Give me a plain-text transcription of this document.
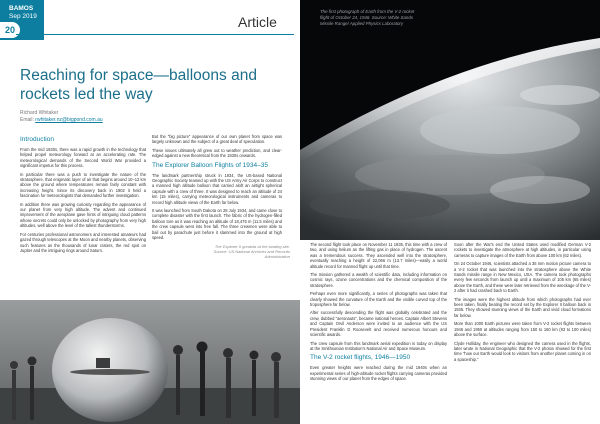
BAMOS
Sep 2019
20	Article
Reaching for space—balloons and rockets led the way
Richard Whitaker
Email: rwhitaker.nz@bigpond.com.au
Introduction

From the mid 1930s, there was a rapid growth in the technology that helped propel meteorology forward at an accelerating rate. The meteorological demands of the Second World War provided a significant impetus for this process.

In particular there was a push to investigate the nature of the stratosphere, that enigmatic layer of air that begins around 10–12 km above the ground where temperatures remain fairly constant with increasing height. Since its discovery back in 1902 it held a fascination for meteorologists that demanded further investigation.

In addition there was growing curiosity regarding the appearance of our planet from very high altitude. The advent and continued improvement of the aeroplane gave hints of intriguing cloud patterns whose secrets could only be unlocked by photography from very high altitudes, well above the level of the tallest thunderstorms.

For centuries professional astronomers and interested amateurs had gazed through telescopes at the Moon and nearby planets, observing such features as the thousands of lunar craters, the red spot on Jupiter and the intriguing rings around Saturn.

But the "big picture" appearance of our own planet from space was largely unknown and the subject of a great deal of speculation.

These issues ultimately all grew out to weather prediction, and clear-edged against a new theoretical from the 1930s onwards.

The Explorer Balloon Flights of 1934–35

The landmark partnership struck in 1934, the US-based National Geographic Society teamed up with the US Army Air Corps to construct a manned high altitude balloon that carried aloft an airtight spherical capsule with a crew of three. It was designed to reach an altitude of 24 km (15 miles), carrying meteorological instruments and cameras to record high altitude views of the Earth far below.

It was launched from South Dakota on 28 July 1934, and came close to complete disaster with the first launch. The fabric of the hydrogen-filled balloon tore as it was reaching an altitude of 18,475 m (11.5 miles) and the crew capsule went into free fall. The three crewmen were able to bail out by parachute just before it slammed into the ground at high speed.

The Explorer II gondola at the landing site. Source: US National Archives and Records Administration
The first photograph of Earth from the V-2 rocket flight of October 24, 1946. Source: White Sands Missile Range/ Applied Physics Laboratory

The second flight took place on November 11 1935, this time with a crew of two, and using helium as the lifting gas in place of hydrogen. The ascent was a tremendous success. They ascended well into the stratosphere, eventually reaching a height of 22,066 m (13.7 miles)—easily a world altitude record for manned flight up until that time.

The mission gathered a wealth of scientific data, including information on cosmic rays, ozone concentrations and the chemical composition of the stratosphere.

Perhaps even more significantly, a series of photographs was taken that clearly showed the curvature of the Earth and the visible curved top of the troposphere far below.

After successfully descending the flight was globally celebrated and the crew, dubbed "aeronauts", became national heroes. Captain Albert Stevens and Captain Orvil Anderson were invited to an audience with the US President Franklin D Roosevelt and received numerous honours and scientific awards.

The crew capsule from this landmark aerial expedition is today on display at the Smithsonian Institution's National Air and Space Museum.

The V-2 rocket flights, 1946—1950

Even greater heights were reached during the mid 1940s when an experimental series of high-altitude rocket flights carrying cameras provided stunning views of our planet from the edges of space.

Soon after the War's end the United States used modified German V-2 rockets to investigate the atmosphere at high altitudes, in particular using cameras to capture images of the Earth from above 100 km (62 miles).

On 24 October 1946, scientists attached a 35 mm motion picture camera to a V-2 rocket that was launched into the stratosphere above the White Sands missile range in New Mexico, USA. The camera took photographs every few seconds from launch up until a maximum of 105 km (65 miles) above the Earth, and these were later retrieved from the wreckage of the V-2 after it had crashed back to Earth.

The images were the highest altitude from which photographs had ever been taken, finally beating the record set by the Explorer II balloon back in 1935. They showed stunning views of the Earth and vivid cloud formations far below.

More than 1000 Earth pictures were taken from V-2 rocket flights between 1946 and 1950 at altitudes ranging from 150 to 160 km (93 to 100 miles) above the surface.

Clyde Holliday, the engineer who designed the camera used in the flights, later wrote in National Geographic that the V-2 photos showed for the first time "how our Earth would look to visitors from another planet coming in on a spaceship."
